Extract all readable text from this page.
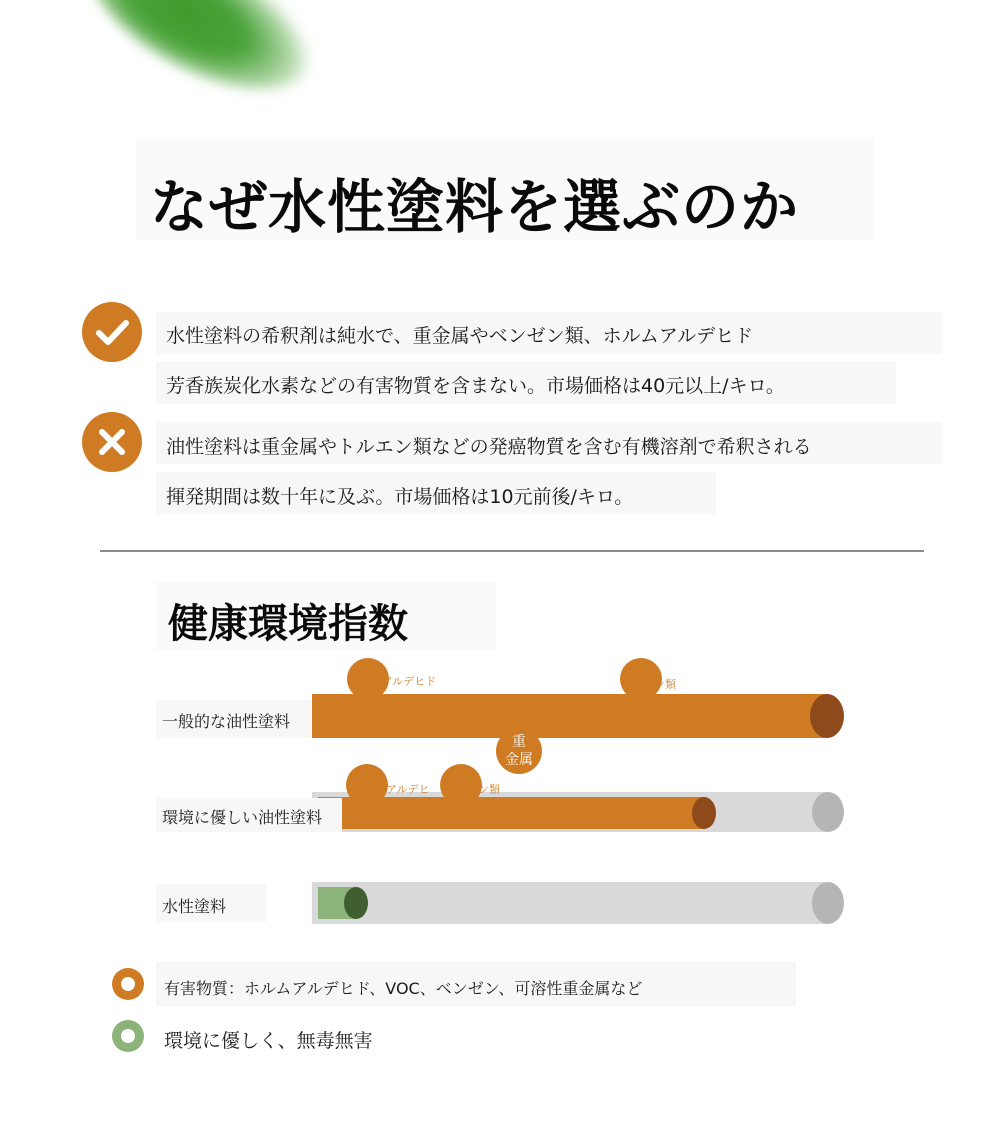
なぜ水性塗料を選ぶのか
水性塗料の希釈剤は純水で、重金属やベンゼン類、ホルムアルデヒド
芳香族炭化水素などの有害物質を含まない。市場価格は40元以上/キロ。
油性塗料は重金属やトルエン類などの発癌物質を含む有機溶剤で希釈される
揮発期間は数十年に及ぶ。市場価格は10元前後/キロ。
健康環境指数
一般的な油性塗料
ホルムアルデヒド	ン類
重
金属
環境に優しい油性塗料
アルデヒ	ン類
水性塗料
有害物質：ホルムアルデヒド、VOC、ベンゼン、可溶性重金属など
環境に優しく、無毒無害
